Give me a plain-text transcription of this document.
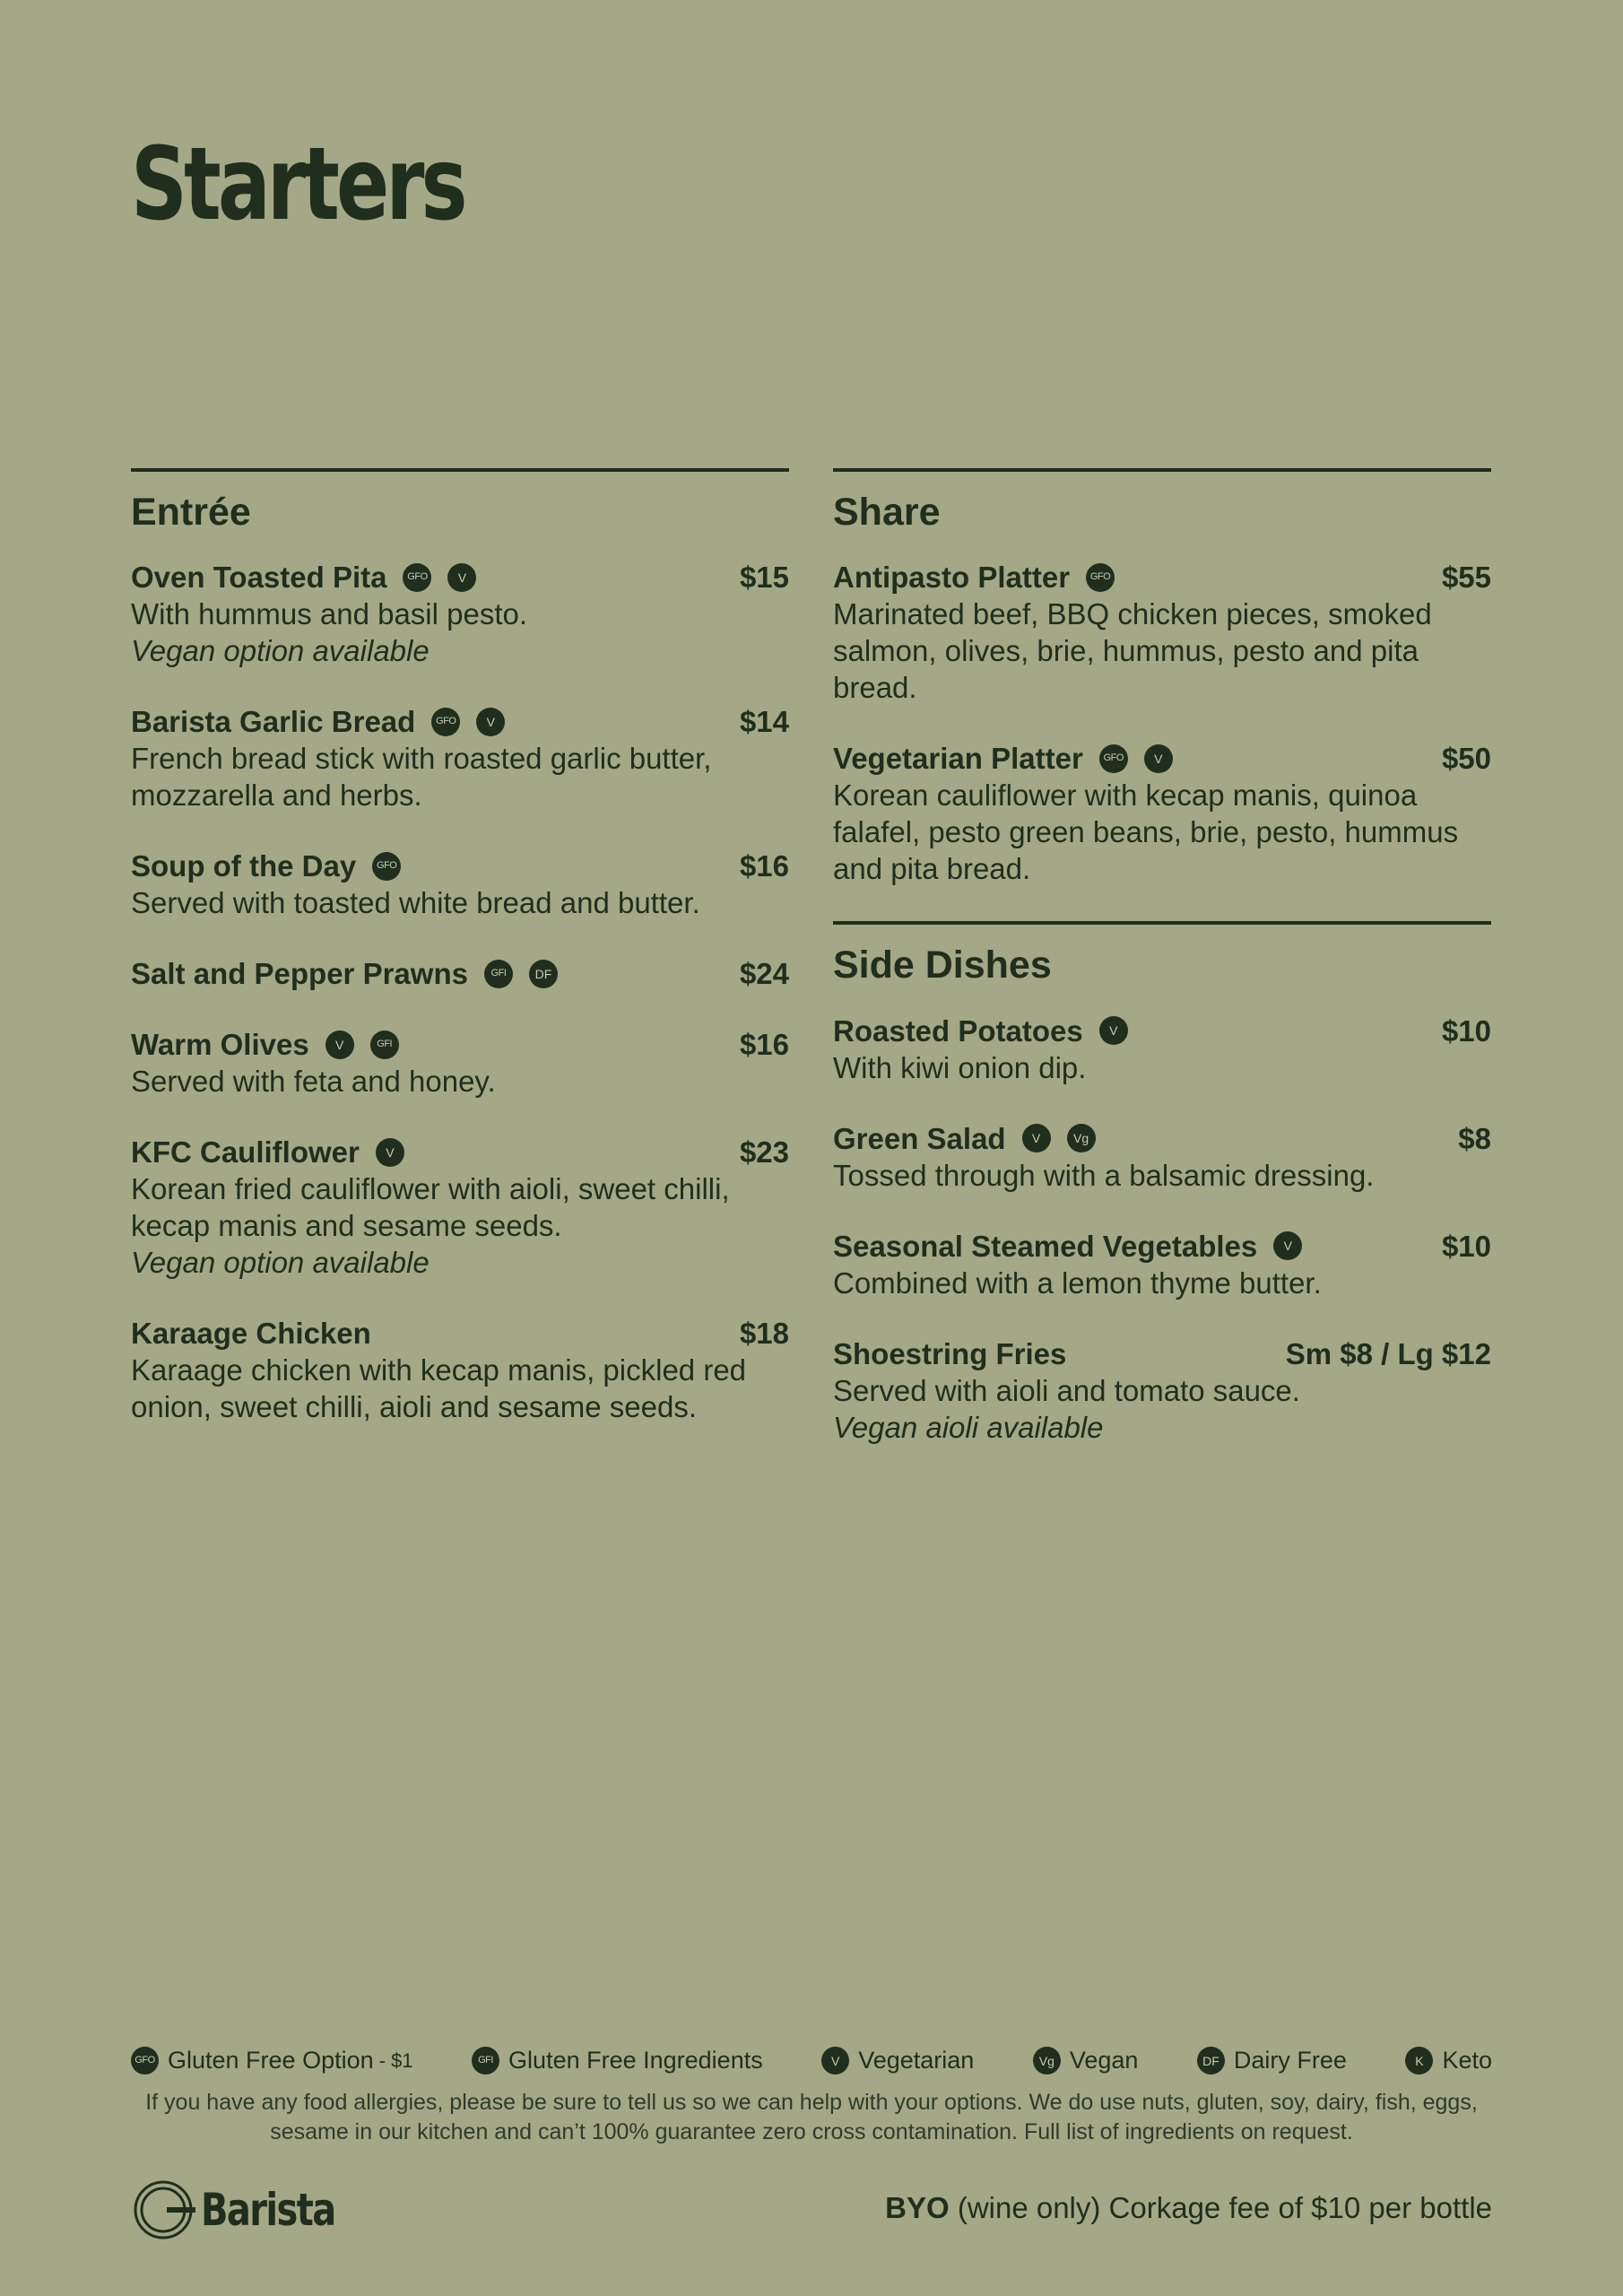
Starters
Entrée
Oven Toasted Pita	GFO	V	$15
With hummus and basil pesto.
Vegan option available
Barista Garlic Bread	GFO	V	$14
French bread stick with roasted garlic butter, mozzarella and herbs.
Soup of the Day	GFO	$16
Served with toasted white bread and butter.
Salt and Pepper Prawns	GFI	DF	$24
Warm Olives	V	GFI	$16
Served with feta and honey.
KFC Cauliflower	V	$23
Korean fried cauliflower with aioli, sweet chilli, kecap manis and sesame seeds.
Vegan option available
Karaage Chicken	$18
Karaage chicken with kecap manis, pickled red onion, sweet chilli, aioli and sesame seeds.
Share
Antipasto Platter	GFO	$55
Marinated beef, BBQ chicken pieces, smoked salmon, olives, brie, hummus, pesto and pita bread.
Vegetarian Platter	GFO	V	$50
Korean cauliflower with kecap manis, quinoa falafel, pesto green beans, brie, pesto, hummus and pita bread.
Side Dishes
Roasted Potatoes	V	$10
With kiwi onion dip.
Green Salad	V	Vg	$8
Tossed through with a balsamic dressing.
Seasonal Steamed Vegetables	V	$10
Combined with a lemon thyme butter.
Shoestring Fries	Sm $8 / Lg $12
Served with aioli and tomato sauce.
Vegan aioli available
GFO Gluten Free Option - $1	GFI Gluten Free Ingredients	V Vegetarian	Vg Vegan	DF Dairy Free	K Keto
If you have any food allergies, please be sure to tell us so we can help with your options. We do use nuts, gluten, soy, dairy, fish, eggs, sesame in our kitchen and can’t 100% guarantee zero cross contamination. Full list of ingredients on request.
Barista	BYO (wine only) Corkage fee of $10 per bottle
